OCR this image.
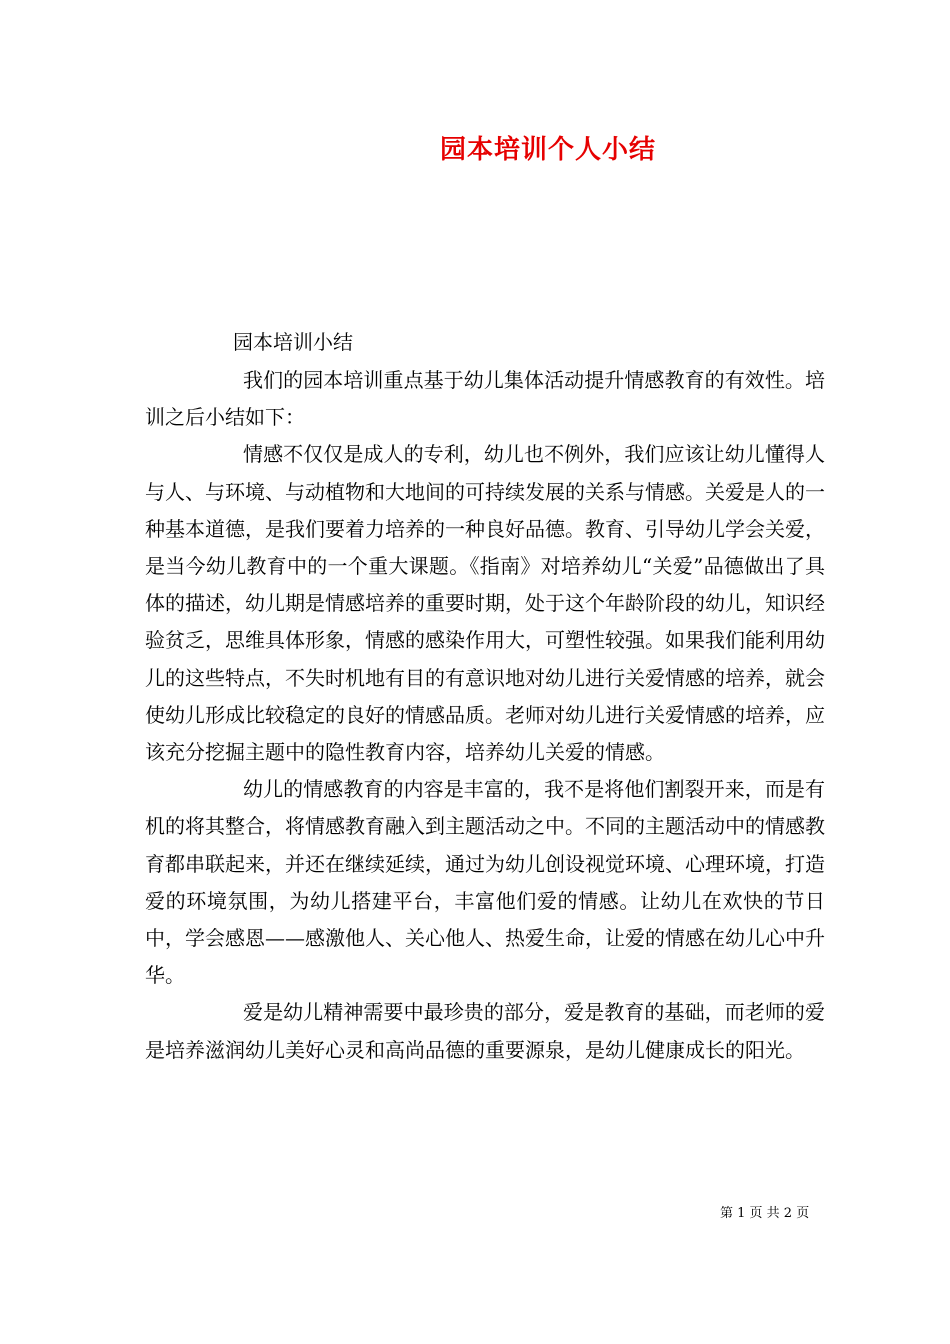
园本培训个人小结
园本培训小结

我们的园本培训重点基于幼儿集体活动提升情感教育的有效性。培训之后小结如下：

情感不仅仅是成人的专利，幼儿也不例外，我们应该让幼儿懂得人与人、与环境、与动植物和大地间的可持续发展的关系与情感。关爱是人的一种基本道德，是我们要着力培养的一种良好品德。教育、引导幼儿学会关爱，是当今幼儿教育中的一个重大课题。《指南》对培养幼儿“关爱”品德做出了具体的描述，幼儿期是情感培养的重要时期，处于这个年龄阶段的幼儿，知识经验贫乏，思维具体形象，情感的感染作用大，可塑性较强。如果我们能利用幼儿的这些特点，不失时机地有目的有意识地对幼儿进行关爱情感的培养，就会使幼儿形成比较稳定的良好的情感品质。老师对幼儿进行关爱情感的培养，应该充分挖掘主题中的隐性教育内容，培养幼儿关爱的情感。

幼儿的情感教育的内容是丰富的，我不是将他们割裂开来，而是有机的将其整合，将情感教育融入到主题活动之中。不同的主题活动中的情感教育都串联起来，并还在继续延续，通过为幼儿创设视觉环境、心理环境，打造爱的环境氛围，为幼儿搭建平台，丰富他们爱的情感。让幼儿在欢快的节日中，学会感恩——感激他人、关心他人、热爱生命，让爱的情感在幼儿心中升华。

爱是幼儿精神需要中最珍贵的部分，爱是教育的基础，而老师的爱是培养滋润幼儿美好心灵和高尚品德的重要源泉，是幼儿健康成长的阳光。

第 1 页 共 2 页
